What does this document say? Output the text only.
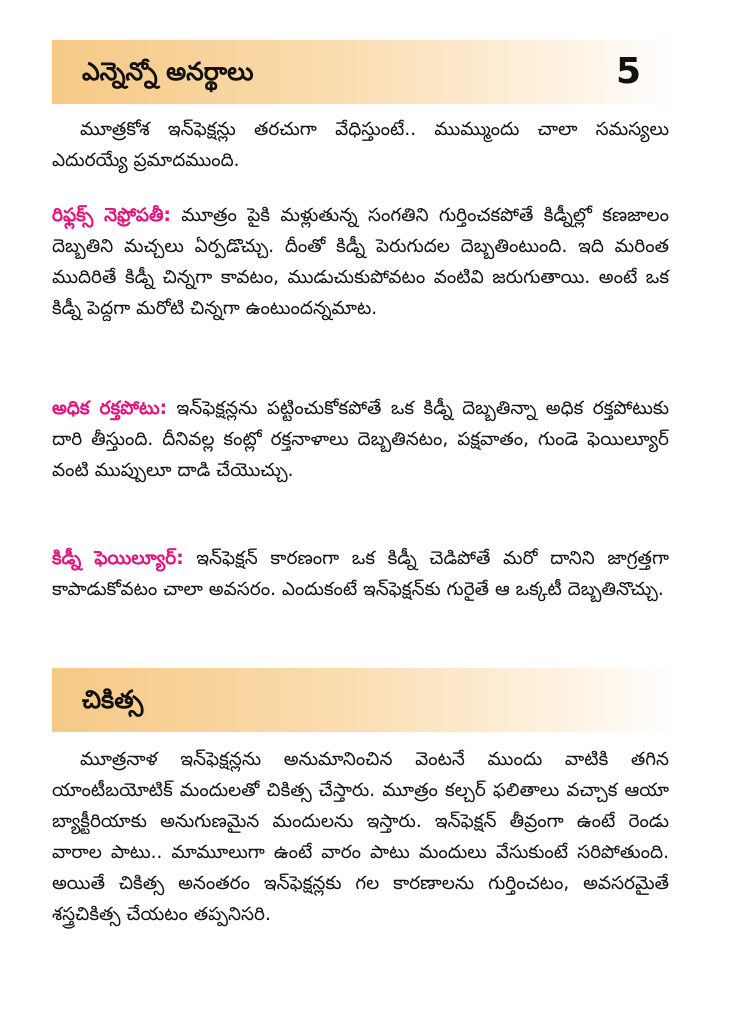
ఎన్నెన్నో అనర్థాలు	5

మూత్రకోశ ఇన్‌ఫెక్షన్లు తరచుగా వేధిస్తుంటే.. ముమ్ముందు చాలా సమస్యలు ఎదురయ్యే ప్రమాదముంది.

రిఫ్లక్స్ నెఫ్రోపతీ: మూత్రం పైకి మళ్లుతున్న సంగతిని గుర్తించకపోతే కిడ్నీల్లో కణజాలం దెబ్బతిని మచ్చలు ఏర్పడొచ్చు. దీంతో కిడ్నీ పెరుగుదల దెబ్బతింటుంది. ఇది మరింత ముదిరితే కిడ్నీ చిన్నగా కావటం, ముడుచుకుపోవటం వంటివి జరుగుతాయి. అంటే ఒక కిడ్నీ పెద్దగా మరోటి చిన్నగా ఉంటుందన్నమాట.

అధిక రక్తపోటు: ఇన్‌ఫెక్షన్లను పట్టించుకోకపోతే ఒక కిడ్నీ దెబ్బతిన్నా అధిక రక్తపోటుకు దారి తీస్తుంది. దీనివల్ల కంట్లో రక్తనాళాలు దెబ్బతినటం, పక్షవాతం, గుండె ఫెయిల్యూర్ వంటి ముప్పులూ దాడి చేయొచ్చు.

కిడ్నీ ఫెయిల్యూర్: ఇన్‌ఫెక్షన్ కారణంగా ఒక కిడ్నీ చెడిపోతే మరో దానిని జాగ్రత్తగా కాపాడుకోవటం చాలా అవసరం. ఎందుకంటే ఇన్‌ఫెక్షన్‌కు గురైతే ఆ ఒక్కటీ దెబ్బతినొచ్చు.

చికిత్స

మూత్రనాళ ఇన్‌ఫెక్షన్లను అనుమానించిన వెంటనే ముందు వాటికి తగిన యాంటీబయోటిక్ మందులతో చికిత్స చేస్తారు. మూత్రం కల్చర్ ఫలితాలు వచ్చాక ఆయా బ్యాక్టీరియాకు అనుగుణమైన మందులను ఇస్తారు. ఇన్‌ఫెక్షన్ తీవ్రంగా ఉంటే రెండు వారాల పాటు.. మామూలుగా ఉంటే వారం పాటు మందులు వేసుకుంటే సరిపోతుంది. అయితే చికిత్స అనంతరం ఇన్‌ఫెక్షన్లకు గల కారణాలను గుర్తించటం, అవసరమైతే శస్త్రచికిత్స చేయటం తప్పనిసరి.
